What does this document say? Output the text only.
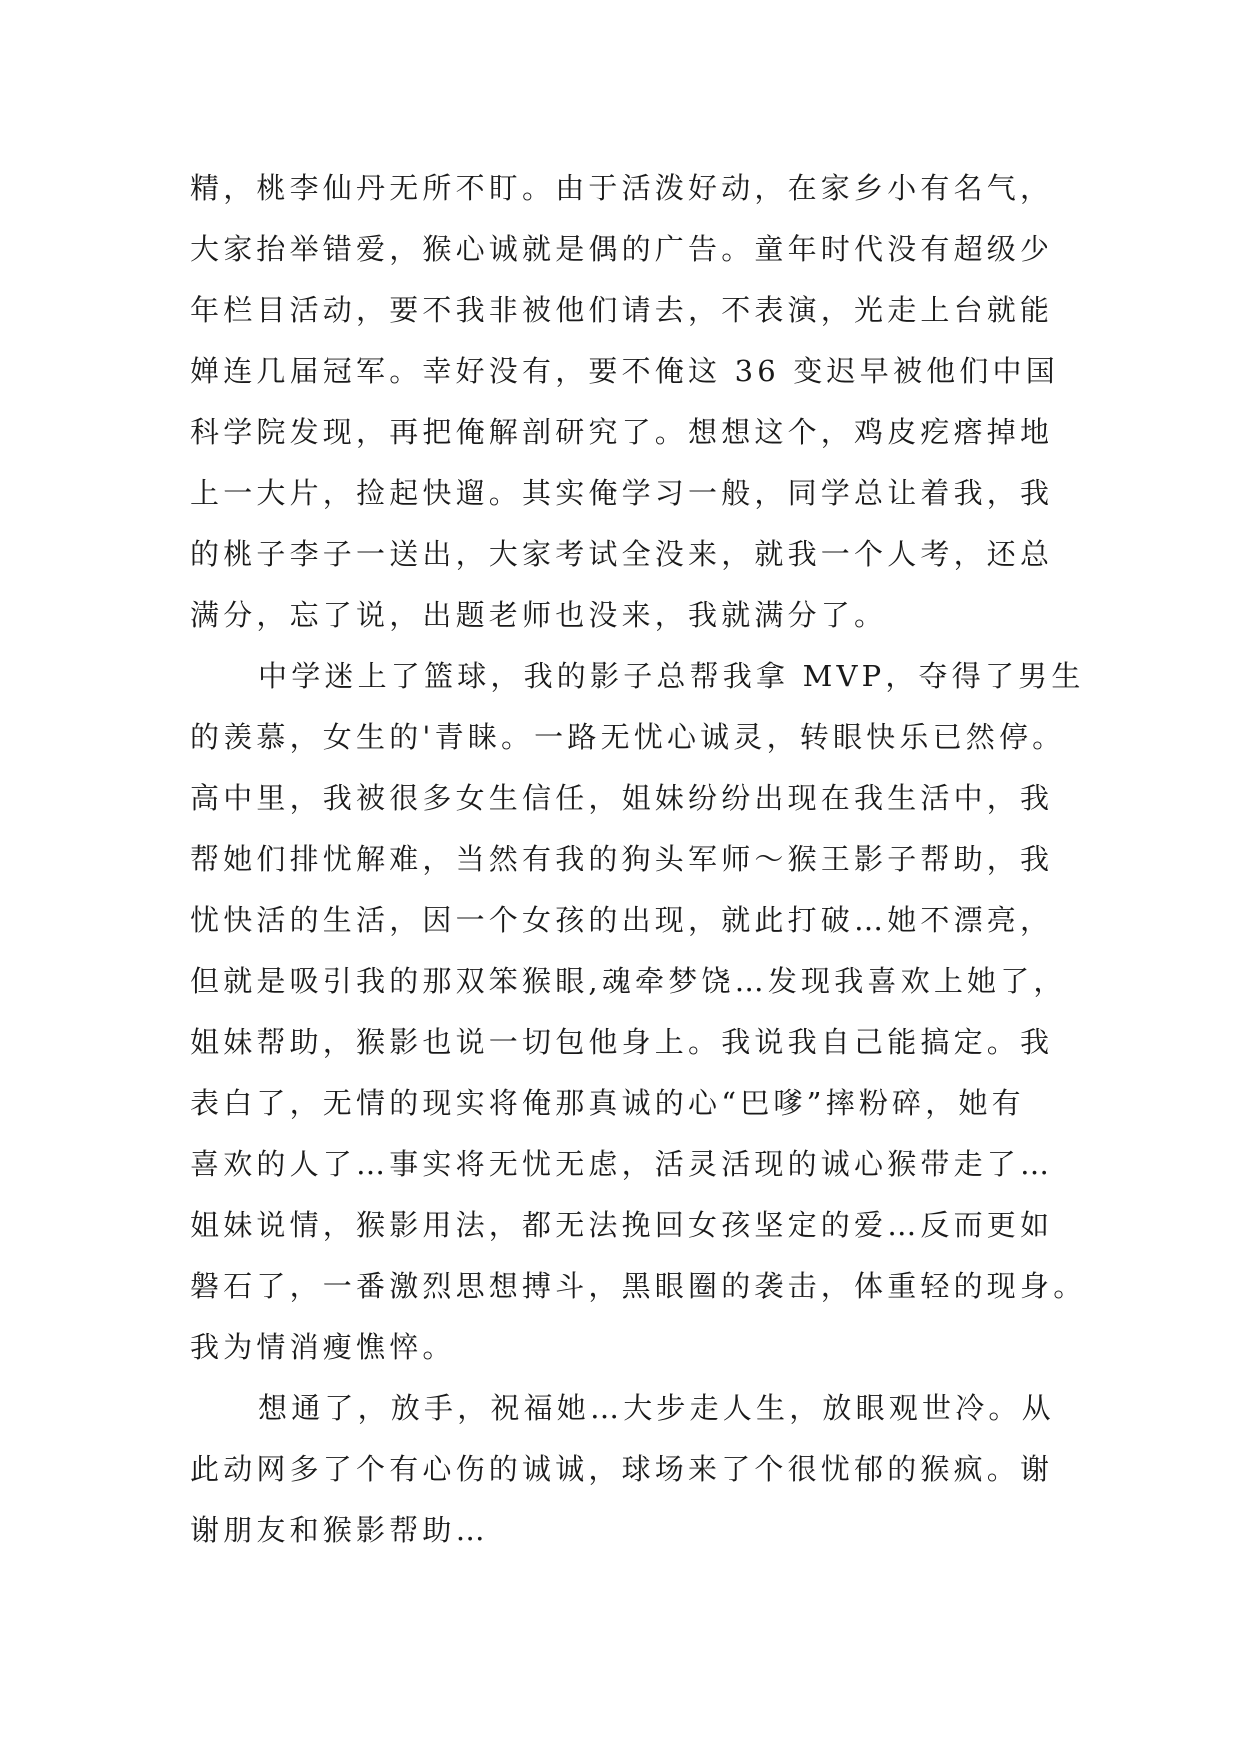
精，桃李仙丹无所不盯。由于活泼好动，在家乡小有名气，
大家抬举错爱，猴心诚就是偶的广告。童年时代没有超级少
年栏目活动，要不我非被他们请去，不表演，光走上台就能
婵连几届冠军。幸好没有，要不俺这 36 变迟早被他们中国
科学院发现，再把俺解剖研究了。想想这个，鸡皮疙瘩掉地
上一大片，捡起快遛。其实俺学习一般，同学总让着我，我
的桃子李子一送出，大家考试全没来，就我一个人考，还总
满分，忘了说，出题老师也没来，我就满分了。
中学迷上了篮球，我的影子总帮我拿 MVP，夺得了男生
的羡慕，女生的'青睐。一路无忧心诚灵，转眼快乐已然停。
高中里，我被很多女生信任，姐妹纷纷出现在我生活中，我
帮她们排忧解难，当然有我的狗头军师～猴王影子帮助，我
忧快活的生活，因一个女孩的出现，就此打破…她不漂亮，
但就是吸引我的那双笨猴眼,魂牵梦饶…发现我喜欢上她了，
姐妹帮助，猴影也说一切包他身上。我说我自己能搞定。我
表白了，无情的现实将俺那真诚的心“巴嗲”摔粉碎，她有
喜欢的人了…事实将无忧无虑，活灵活现的诚心猴带走了…
姐妹说情，猴影用法，都无法挽回女孩坚定的爱…反而更如
磐石了，一番激烈思想搏斗，黑眼圈的袭击，体重轻的现身。
我为情消瘦憔悴。
想通了，放手，祝福她…大步走人生，放眼观世冷。从
此动网多了个有心伤的诚诚，球场来了个很忧郁的猴疯。谢
谢朋友和猴影帮助…
